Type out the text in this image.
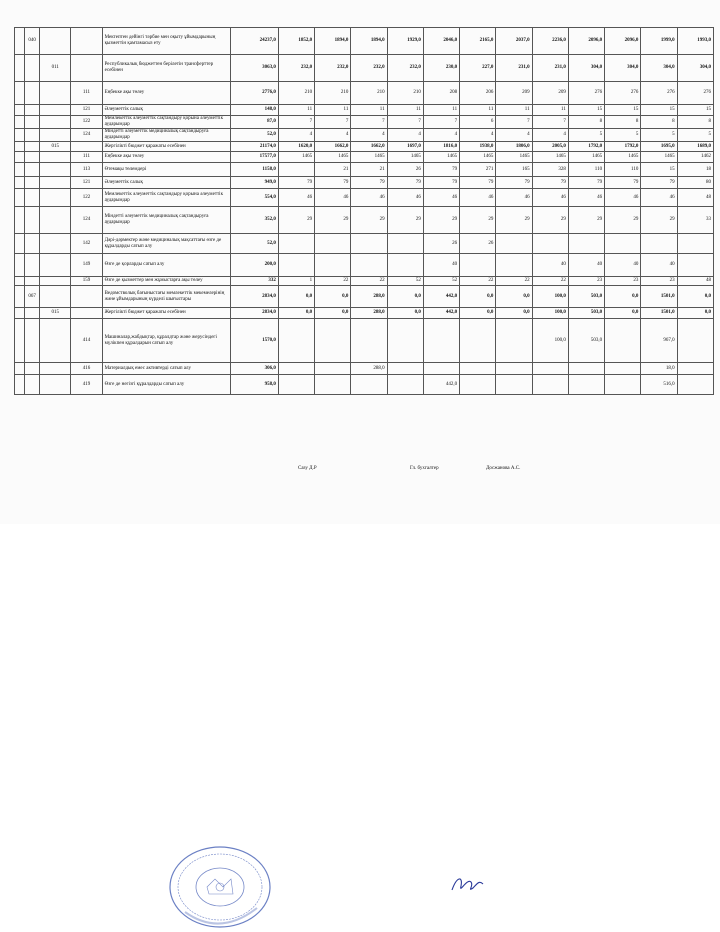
	040			Мектептен дейінгі тәрбие мен оқыту ұйымдарының қызметтін қамтамасыз ету	24237,0	1852,0	1894,0	1894,0	1929,0	2046,0	2165,0	2037,0	2236,0	2096,0	2096,0	1999,0	1993,0
		011		Республикалық бюджеттен берілетін трансферттер есебінен	3063,0	232,0	232,0	232,0	232,0	230,0	227,0	231,0	231,0	304,0	304,0	304,0	304,0
			111	Еңбекке ақы төлеу	2776,0	210	210	210	210	208	206	209	209	276	276	276	276
			121	Әлеуметтік салық	148,0	11	11	11	11	11	11	11	11	15	15	15	15
			122	Мемлекеттік әлеуметтік сақтандыру қорына әлеуметтік аударымдар	87,0	7	7	7	7	7	6	7	7	8	8	8	8
			124	Міндетті әлеуметтік медициналық сақтандыруға аударымдар	52,0	4	4	4	4	4	4	4	4	5	5	5	5
		015		Жергілікті бюджет қаражаты есебінен	21174,0	1620,0	1662,0	1662,0	1697,0	1816,0	1938,0	1806,0	2005,0	1792,0	1792,0	1695,0	1689,0
			111	Еңбекке ақы төлеу	17577,0	1465	1465	1465	1465	1465	1465	1465	1465	1465	1465	1465	1462
			113	Өтемақы төлемдері	1158,0		21	21	26	79	271	165	328	110	110	15	18
			121	Әлеуметтік салық	949,0	79	79	79	79	79	79	79	79	79	79	79	80
			122	Мемлекеттік әлеуметтік сақтандыру қорына әлеуметтік аударымдар	554,0	46	46	46	46	46	46	46	46	46	46	46	48
			124	Міндетті әлеуметтік медициналық сақтандыруға аударымдар	352,0	29	29	29	29	29	29	29	29	29	29	29	33
			142	Дәрі-дәрмектер және медициналық мақсаттағы өзге де құралдарды сатып алу	52,0					26	26						
			149	Өзге де қорларды сатып алу	200,0					40			40	40	40	40	
			159	Өзге де қызметтер мен жұмыстарға ақы төлеу	332	1	22	22	52	52	22	22	22	23	23	23	48
	067			Ведомстволық бағыныстағы мемлекеттік мекемелерінің және ұйымдарының күрделі шығыстары	2834,0	0,0	0,0	288,0	0,0	442,0	0,0	0,0	100,0	503,0	0,0	1501,0	0,0
		015		Жергілікті бюджет қаражаты есебінен	2834,0	0,0	0,0	288,0	0,0	442,0	0,0	0,0	100,0	503,0	0,0	1501,0	0,0
			414	Машиналар,жабдықтар, құралдтар және жерусіндегі мүлікпен құралдарын сатып алу	1570,0								100,0	503,0		967,0	
			416	Материалдық емес активтерді сатып алу	306,0			288,0								18,0	
			419	Өзге де негізгі құралдарды сатып алу	958,0					442,0						516,0	
Сазу Д.Р	Гл. бухгалтер	Досжанова А.С.
